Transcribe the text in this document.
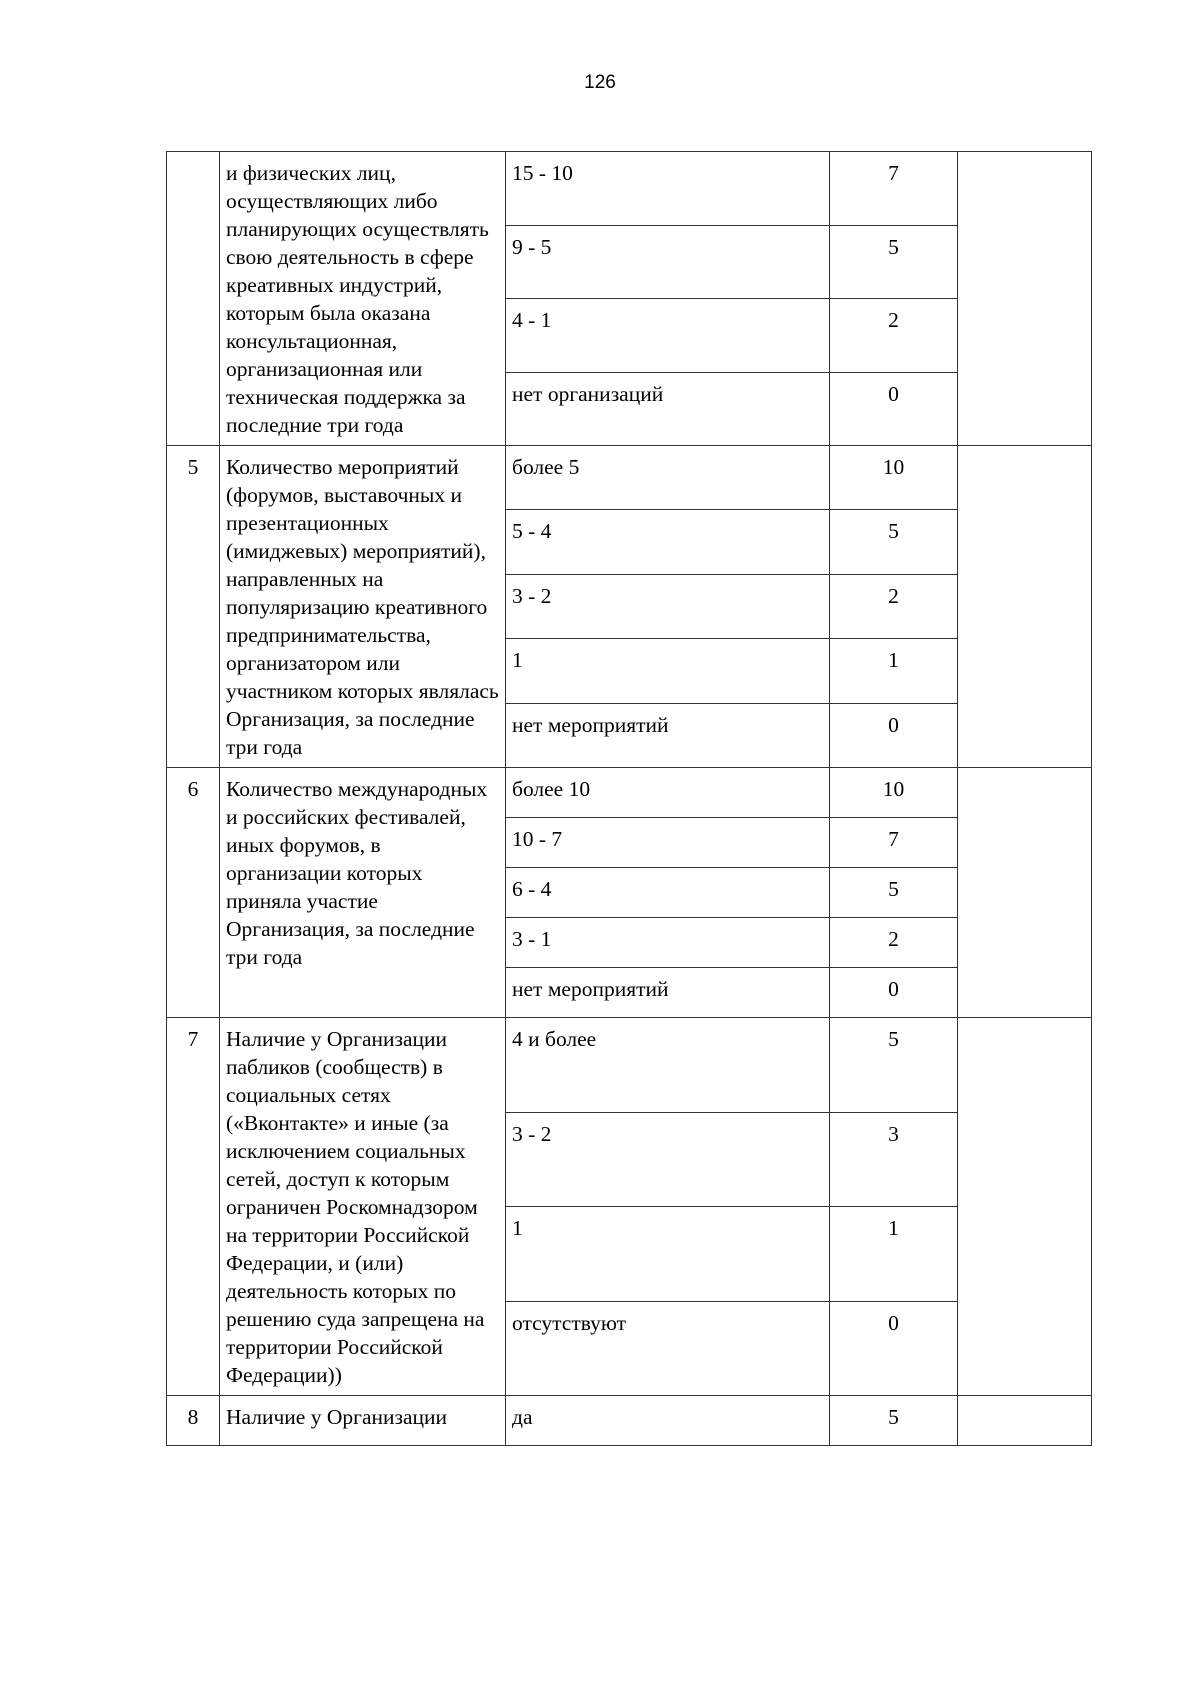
126
	и физических лиц, осуществляющих либо планирующих осуществлять свою деятельность в сфере креативных индустрий, которым была оказана консультационная, организационная или техническая поддержка за последние три года	15 - 10	7	
		9 - 5	5	
		4 - 1	2	
		нет организаций	0	
5	Количество мероприятий (форумов, выставочных и презентационных (имиджевых) мероприятий), направленных на популяризацию креативного предпринимательства, организатором или участником которых являлась Организация, за последние три года	более 5	10	
		5 - 4	5	
		3 - 2	2	
		1	1	
		нет мероприятий	0	
6	Количество международных и российских фестивалей, иных форумов, в организации которых приняла участие Организация, за последние три года	более 10	10	
		10 - 7	7	
		6 - 4	5	
		3 - 1	2	
		нет мероприятий	0	
7	Наличие у Организации пабликов (сообществ) в социальных сетях («Вконтакте» и иные (за исключением социальных сетей, доступ к которым ограничен Роскомнадзором на территории Российской Федерации, и (или) деятельность которых по решению суда запрещена на территории Российской Федерации))	4 и более	5	
		3 - 2	3	
		1	1	
		отсутствуют	0	
8	Наличие у Организации	да	5	
